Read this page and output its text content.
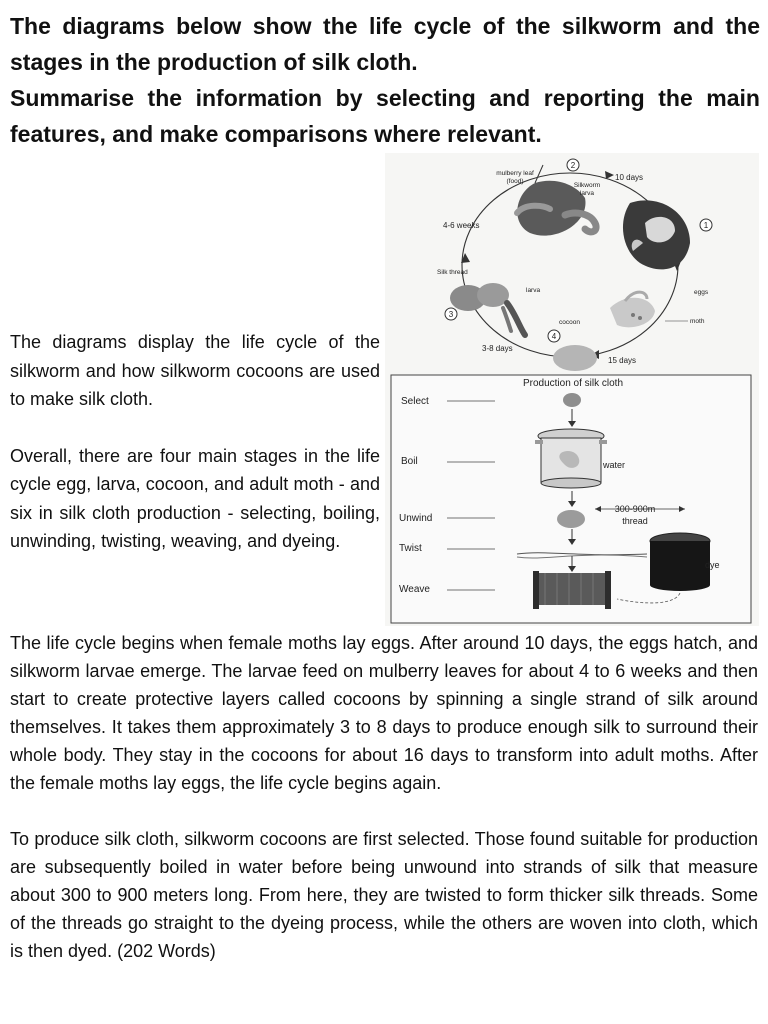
The diagrams below show the life cycle of the silkworm and the stages in the production of silk cloth.

Summarise the information by selecting and reporting the main features, and make comparisons where relevant.

The diagrams display the life cycle of the silkworm and how silkworm cocoons are used to make silk cloth.

Overall, there are four main stages in the life cycle egg, larva, cocoon, and adult moth - and six in silk cloth production - selecting, boiling, unwinding, twisting, weaving, and dyeing.

2
1
3
4
mulberry leaf
(food)
Silkworm
larva
10 days
4-6 weeks
Silk thread
larva	eggs
cocoon	moth
3-8 days
15 days
Production of silk cloth
Select
Boil
Unwind
Twist
Weave
water
300-900m
thread
dye

The life cycle begins when female moths lay eggs. After around 10 days, the eggs hatch, and silkworm larvae emerge. The larvae feed on mulberry leaves for about 4 to 6 weeks and then start to create protective layers called cocoons by spinning a single strand of silk around themselves. It takes them approximately 3 to 8 days to produce enough silk to surround their whole body. They stay in the cocoons for about 16 days to transform into adult moths. After the female moths lay eggs, the life cycle begins again.

To produce silk cloth, silkworm cocoons are first selected. Those found suitable for production are subsequently boiled in water before being unwound into strands of silk that measure about 300 to 900 meters long. From here, they are twisted to form thicker silk threads. Some of the threads go straight to the dyeing process, while the others are woven into cloth, which is then dyed. (202 Words)
